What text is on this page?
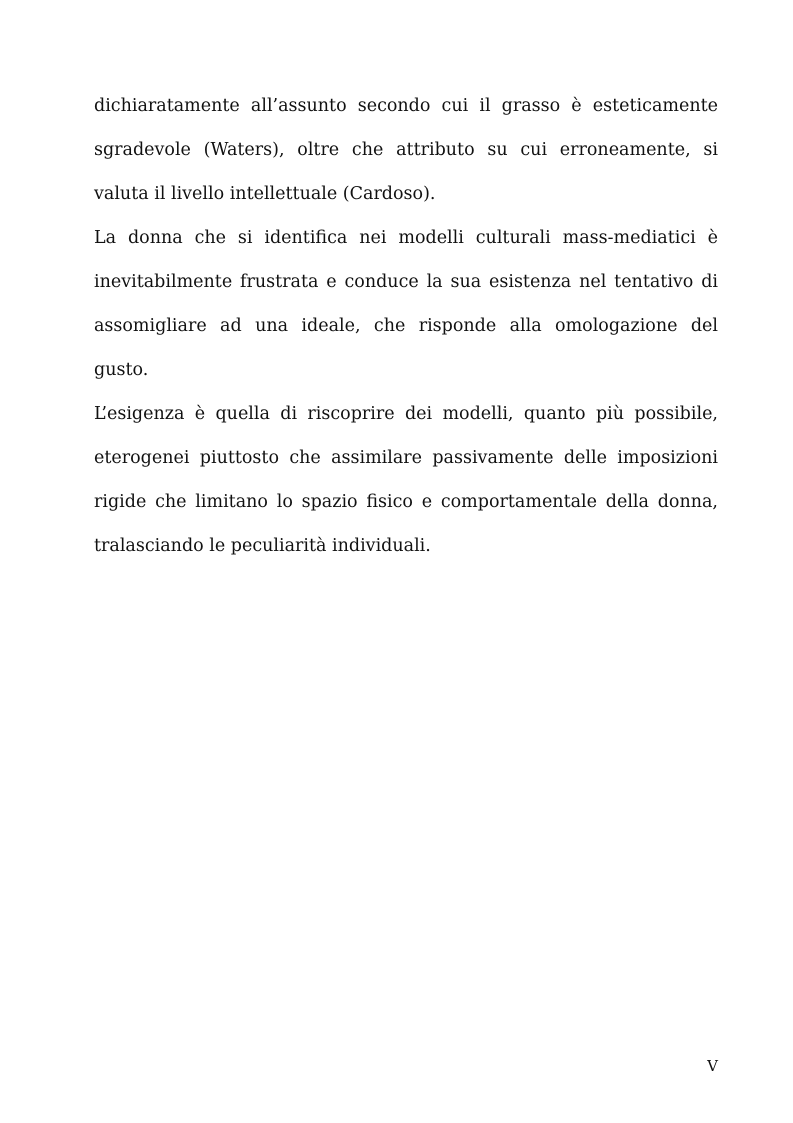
dichiaratamente all’assunto secondo cui il grasso è esteticamente
sgradevole (Waters), oltre che attributo su cui erroneamente, si
valuta il livello intellettuale (Cardoso).
La donna che si identifica nei modelli culturali mass-mediatici è
inevitabilmente frustrata e conduce la sua esistenza nel tentativo di
assomigliare ad una ideale, che risponde alla omologazione del
gusto.
L’esigenza è quella di riscoprire dei modelli, quanto più possibile,
eterogenei piuttosto che assimilare passivamente delle imposizioni
rigide che limitano lo spazio fisico e comportamentale della donna,
tralasciando le peculiarità individuali.
V
